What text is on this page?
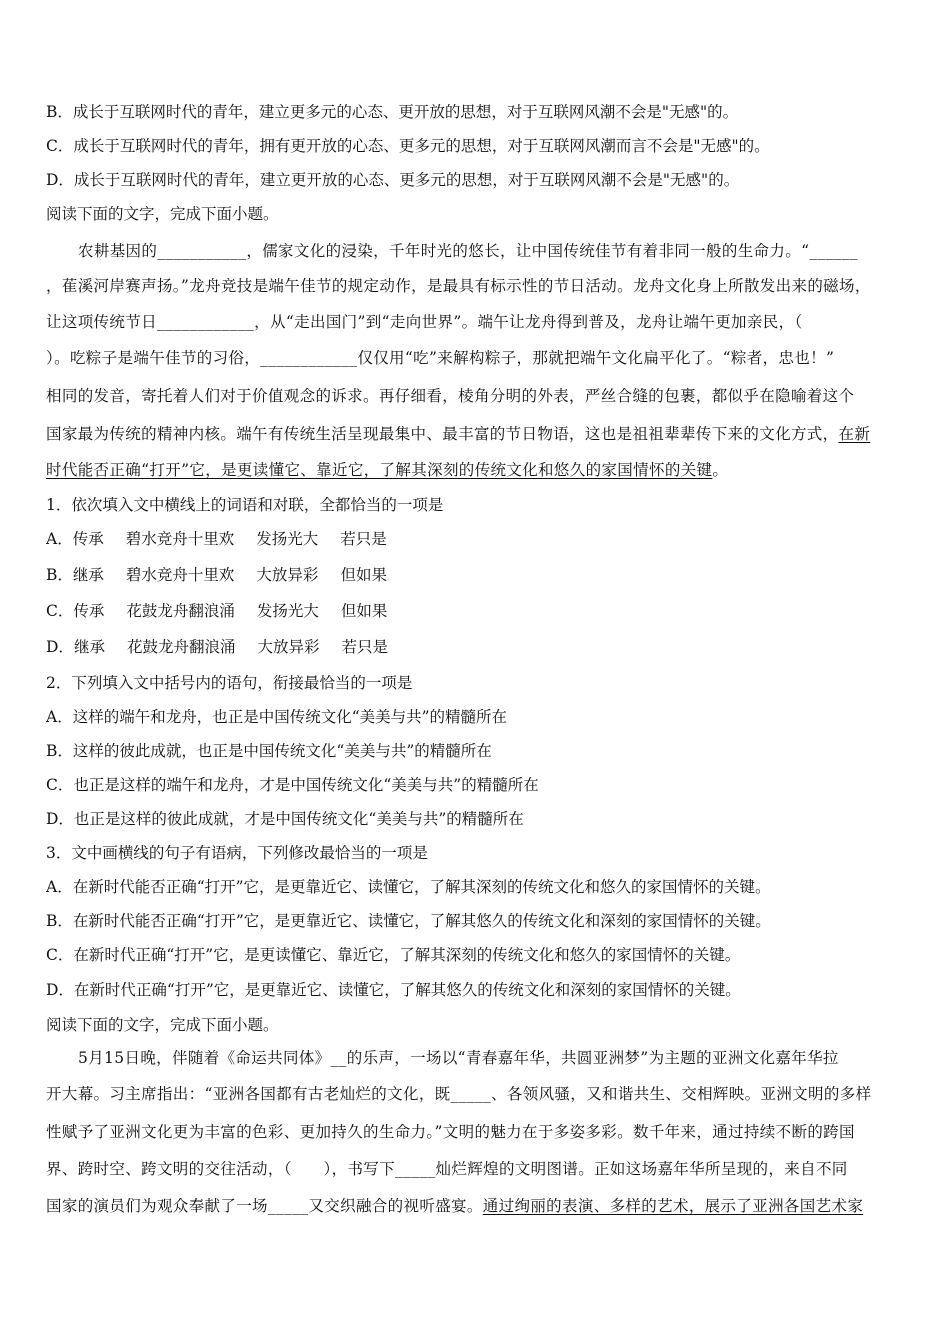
B．成长于互联网时代的青年，建立更多元的心态、更开放的思想，对于互联网风潮不会是"无感"的。
C．成长于互联网时代的青年，拥有更开放的心态、更多元的思想，对于互联网风潮而言不会是"无感"的。
D．成长于互联网时代的青年，建立更开放的心态、更多元的思想，对于互联网风潮不会是"无感"的。
阅读下面的文字，完成下面小题。
农耕基因的___________，儒家文化的浸染，千年时光的悠长，让中国传统佳节有着非同一般的生命力。“______
，萑溪河岸赛声扬。”龙舟竞技是端午佳节的规定动作，是最具有标示性的节日活动。龙舟文化身上所散发出来的磁场，
让这项传统节日____________，从“走出国门”到“走向世界”。端午让龙舟得到普及，龙舟让端午更加亲民，（
）。吃粽子是端午佳节的习俗，____________仅仅用“吃”来解构粽子，那就把端午文化扁平化了。“粽者，忠也！”
相同的发音，寄托着人们对于价值观念的诉求。再仔细看，棱角分明的外表，严丝合缝的包裹，都似乎在隐喻着这个
国家最为传统的精神内核。端午有传统生活呈现最集中、最丰富的节日物语，这也是祖祖辈辈传下来的文化方式，在新
时代能否正确“打开”它，是更读懂它、靠近它，了解其深刻的传统文化和悠久的家国情怀的关键。
1．依次填入文中横线上的词语和对联，全都恰当的一项是
A．传承 碧水竞舟十里欢 发扬光大 若只是
B．继承 碧水竞舟十里欢 大放异彩 但如果
C．传承 花鼓龙舟翻浪涌 发扬光大 但如果
D．继承 花鼓龙舟翻浪涌 大放异彩 若只是
2．下列填入文中括号内的语句，衔接最恰当的一项是
A．这样的端午和龙舟，也正是中国传统文化“美美与共”的精髓所在
B．这样的彼此成就，也正是中国传统文化“美美与共”的精髓所在
C．也正是这样的端午和龙舟，才是中国传统文化“美美与共”的精髓所在
D．也正是这样的彼此成就，才是中国传统文化“美美与共”的精髓所在
3．文中画横线的句子有语病，下列修改最恰当的一项是
A．在新时代能否正确“打开”它，是更靠近它、读懂它，了解其深刻的传统文化和悠久的家国情怀的关键。
B．在新时代能否正确“打开”它，是更靠近它、读懂它，了解其悠久的传统文化和深刻的家国情怀的关键。
C．在新时代正确“打开”它，是更读懂它、靠近它，了解其深刻的传统文化和悠久的家国情怀的关键。
D．在新时代正确“打开”它，是更靠近它、读懂它，了解其悠久的传统文化和深刻的家国情怀的关键。
阅读下面的文字，完成下面小题。
5月15日晚，伴随着《命运共同体》__的乐声，一场以“青春嘉年华，共圆亚洲梦”为主题的亚洲文化嘉年华拉
开大幕。习主席指出：“亚洲各国都有古老灿烂的文化，既_____、各领风骚，又和谐共生、交相辉映。亚洲文明的多样
性赋予了亚洲文化更为丰富的色彩、更加持久的生命力。”文明的魅力在于多姿多彩。数千年来，通过持续不断的跨国
界、跨时空、跨文明的交往活动，（　　），书写下_____灿烂辉煌的文明图谱。正如这场嘉年华所呈现的，来自不同
国家的演员们为观众奉献了一场_____又交织融合的视听盛宴。通过绚丽的表演、多样的艺术，展示了亚洲各国艺术家
